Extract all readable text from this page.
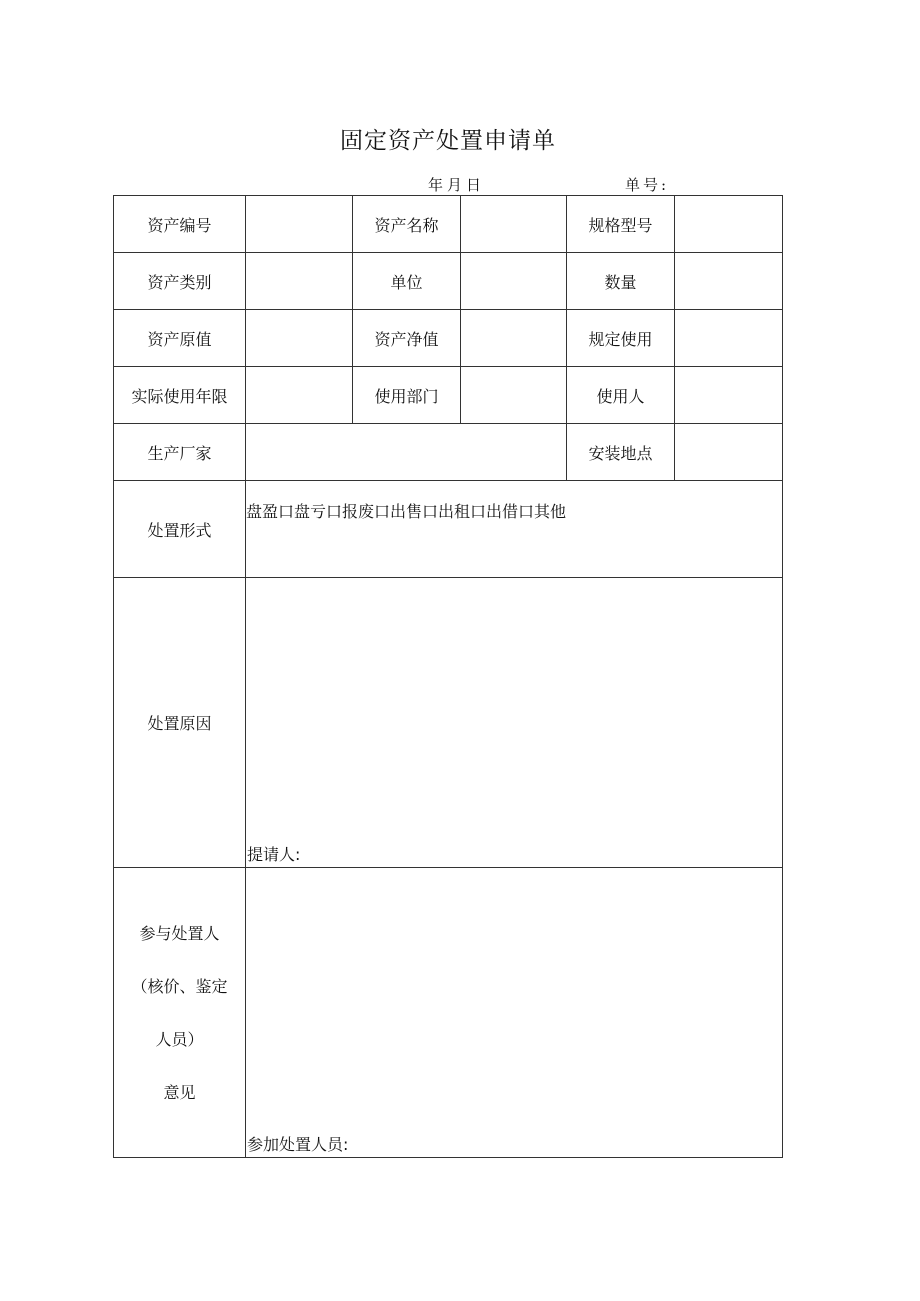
固定资产处置申请单
年月日	单号:
资产编号		资产名称		规格型号	
资产类别		单位		数量	
资产原值		资产净值		规定使用	
实际使用年限		使用部门		使用人	
生产厂家				安装地点	
处置形式	盘盈口盘亏口报废口出售口出租口出借口其他				

处置原因	提请人:				

参与处置人
（核价、鉴定
人员）
意见	参加处置人员:				
